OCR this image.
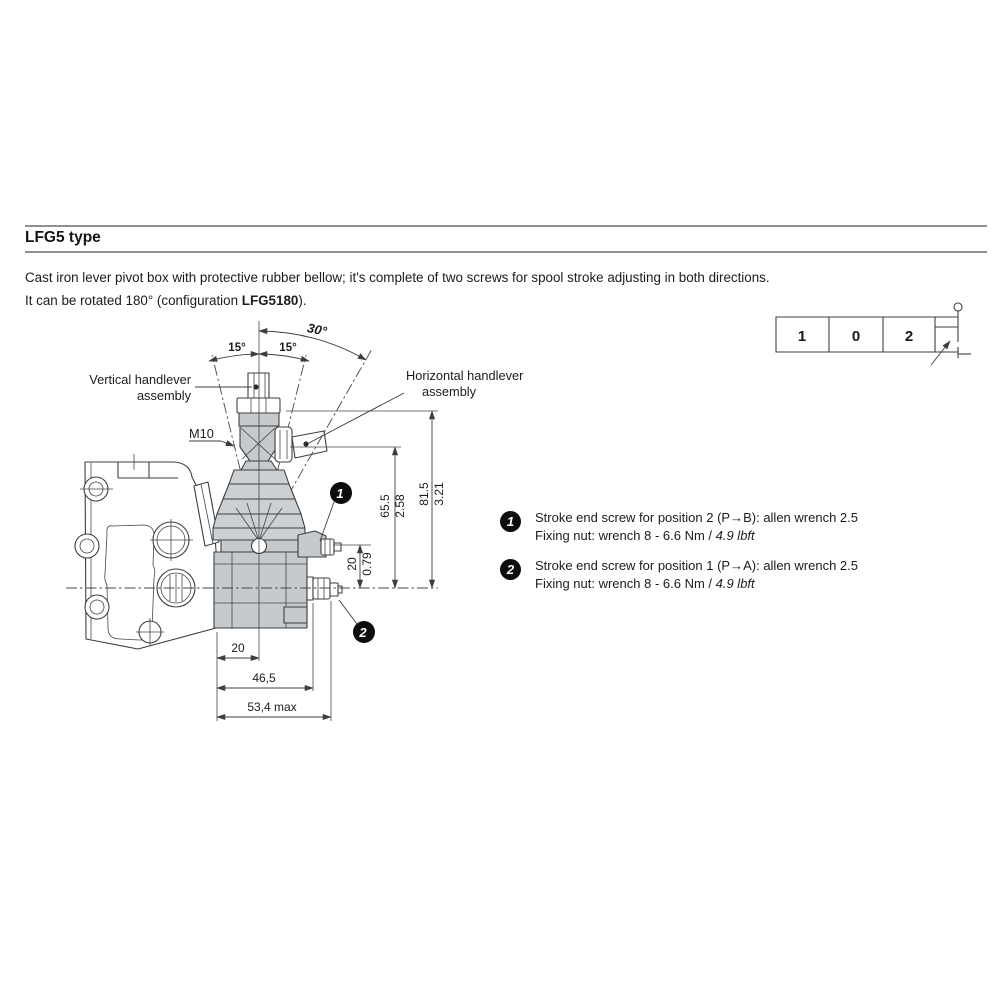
LFG5 type
Cast iron lever pivot box with protective rubber bellow; it's complete of two screws for spool stroke adjusting in both directions.
It can be rotated 180° (configuration LFG5180).
1	0	2
Vertical handlever
assembly
Horizontal handlever
assembly
M10
15°	15°
30°
81.5 3.21
65.5 2.58
20 0.79
20
46,5
53,4 max
1
2
1	Stroke end screw for position 2 (P→B): allen wrench 2.5
Fixing nut: wrench 8 - 6.6 Nm / 4.9 lbft
2	Stroke end screw for position 1 (P→A): allen wrench 2.5
Fixing nut: wrench 8 - 6.6 Nm / 4.9 lbft
